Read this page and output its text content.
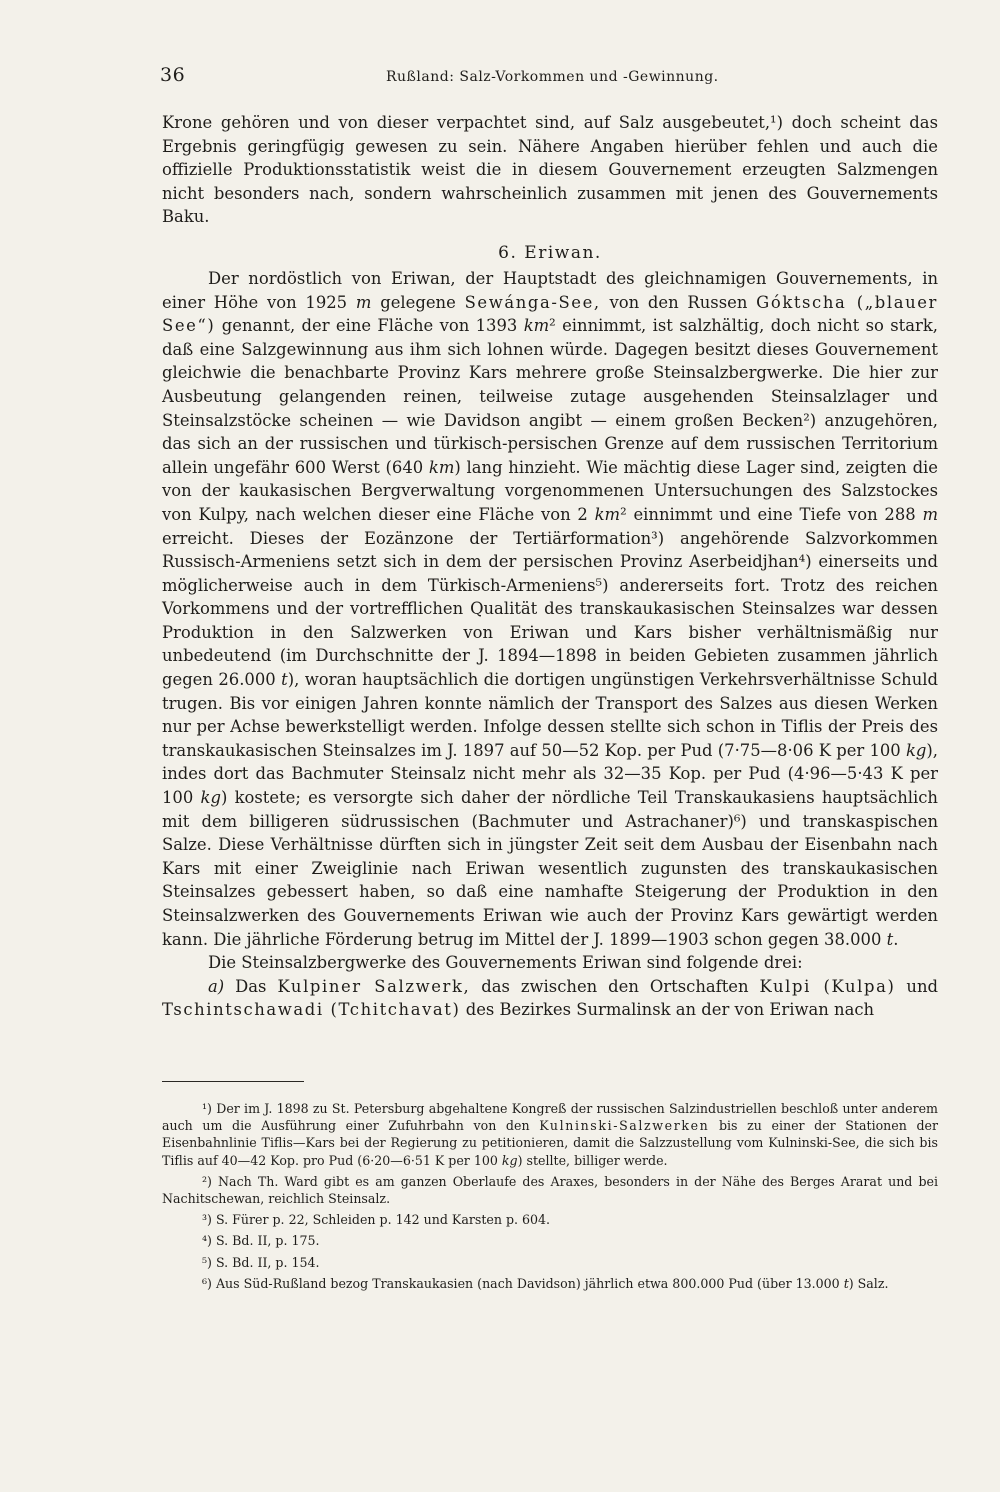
36	Rußland: Salz-Vorkommen und -Gewinnung.

Krone gehören und von dieser verpachtet sind, auf Salz ausgebeutet,¹) doch scheint das Ergebnis geringfügig gewesen zu sein. Nähere Angaben hierüber fehlen und auch die offizielle Produktionsstatistik weist die in diesem Gouvernement erzeugten Salzmengen nicht besonders nach, sondern wahrscheinlich zusammen mit jenen des Gouvernements Baku.

6. Eriwan.

Der nordöstlich von Eriwan, der Hauptstadt des gleichnamigen Gouvernements, in einer Höhe von 1925 m gelegene Sewánga-See, von den Russen Góktscha („blauer See“) genannt, der eine Fläche von 1393 km² einnimmt, ist salzhältig, doch nicht so stark, daß eine Salzgewinnung aus ihm sich lohnen würde. Dagegen besitzt dieses Gouvernement gleichwie die benachbarte Provinz Kars mehrere große Steinsalzbergwerke. Die hier zur Ausbeutung gelangenden reinen, teilweise zutage ausgehenden Steinsalzlager und Steinsalzstöcke scheinen — wie Davidson angibt — einem großen Becken²) anzugehören, das sich an der russischen und türkisch-persischen Grenze auf dem russischen Territorium allein ungefähr 600 Werst (640 km) lang hinzieht. Wie mächtig diese Lager sind, zeigten die von der kaukasischen Bergverwaltung vorgenommenen Untersuchungen des Salzstockes von Kulpy, nach welchen dieser eine Fläche von 2 km² einnimmt und eine Tiefe von 288 m erreicht. Dieses der Eozänzone der Tertiärformation³) angehörende Salzvorkommen Russisch-Armeniens setzt sich in dem der persischen Provinz Aserbeidjhan⁴) einerseits und möglicherweise auch in dem Türkisch-Armeniens⁵) andererseits fort. Trotz des reichen Vorkommens und der vortrefflichen Qualität des transkaukasischen Steinsalzes war dessen Produktion in den Salzwerken von Eriwan und Kars bisher verhältnismäßig nur unbedeutend (im Durchschnitte der J. 1894—1898 in beiden Gebieten zusammen jährlich gegen 26.000 t), woran hauptsächlich die dortigen ungünstigen Verkehrsverhältnisse Schuld trugen. Bis vor einigen Jahren konnte nämlich der Transport des Salzes aus diesen Werken nur per Achse bewerkstelligt werden. Infolge dessen stellte sich schon in Tiflis der Preis des transkaukasischen Steinsalzes im J. 1897 auf 50—52 Kop. per Pud (7·75—8·06 K per 100 kg), indes dort das Bachmuter Steinsalz nicht mehr als 32—35 Kop. per Pud (4·96—5·43 K per 100 kg) kostete; es versorgte sich daher der nördliche Teil Transkaukasiens hauptsächlich mit dem billigeren südrussischen (Bachmuter und Astrachaner)⁶) und transkaspischen Salze. Diese Verhältnisse dürften sich in jüngster Zeit seit dem Ausbau der Eisenbahn nach Kars mit einer Zweiglinie nach Eriwan wesentlich zugunsten des transkaukasischen Steinsalzes gebessert haben, so daß eine namhafte Steigerung der Produktion in den Steinsalzwerken des Gouvernements Eriwan wie auch der Provinz Kars gewärtigt werden kann. Die jährliche Förderung betrug im Mittel der J. 1899—1903 schon gegen 38.000 t.

Die Steinsalzbergwerke des Gouvernements Eriwan sind folgende drei:

a) Das Kulpiner Salzwerk, das zwischen den Ortschaften Kulpi (Kulpa) und Tschintschawadi (Tchitchavat) des Bezirkes Surmalinsk an der von Eriwan nach

¹) Der im J. 1898 zu St. Petersburg abgehaltene Kongreß der russischen Salzindustriellen beschloß unter anderem auch um die Ausführung einer Zufuhrbahn von den Kulninski-Salzwerken bis zu einer der Stationen der Eisenbahnlinie Tiflis—Kars bei der Regierung zu petitionieren, damit die Salzzustellung vom Kulninski-See, die sich bis Tiflis auf 40—42 Kop. pro Pud (6·20—6·51 K per 100 kg) stellte, billiger werde.

²) Nach Th. Ward gibt es am ganzen Oberlaufe des Araxes, besonders in der Nähe des Berges Ararat und bei Nachitschewan, reichlich Steinsalz.

³) S. Fürer p. 22, Schleiden p. 142 und Karsten p. 604.

⁴) S. Bd. II, p. 175.

⁵) S. Bd. II, p. 154.

⁶) Aus Süd-Rußland bezog Transkaukasien (nach Davidson) jährlich etwa 800.000 Pud (über 13.000 t) Salz.
